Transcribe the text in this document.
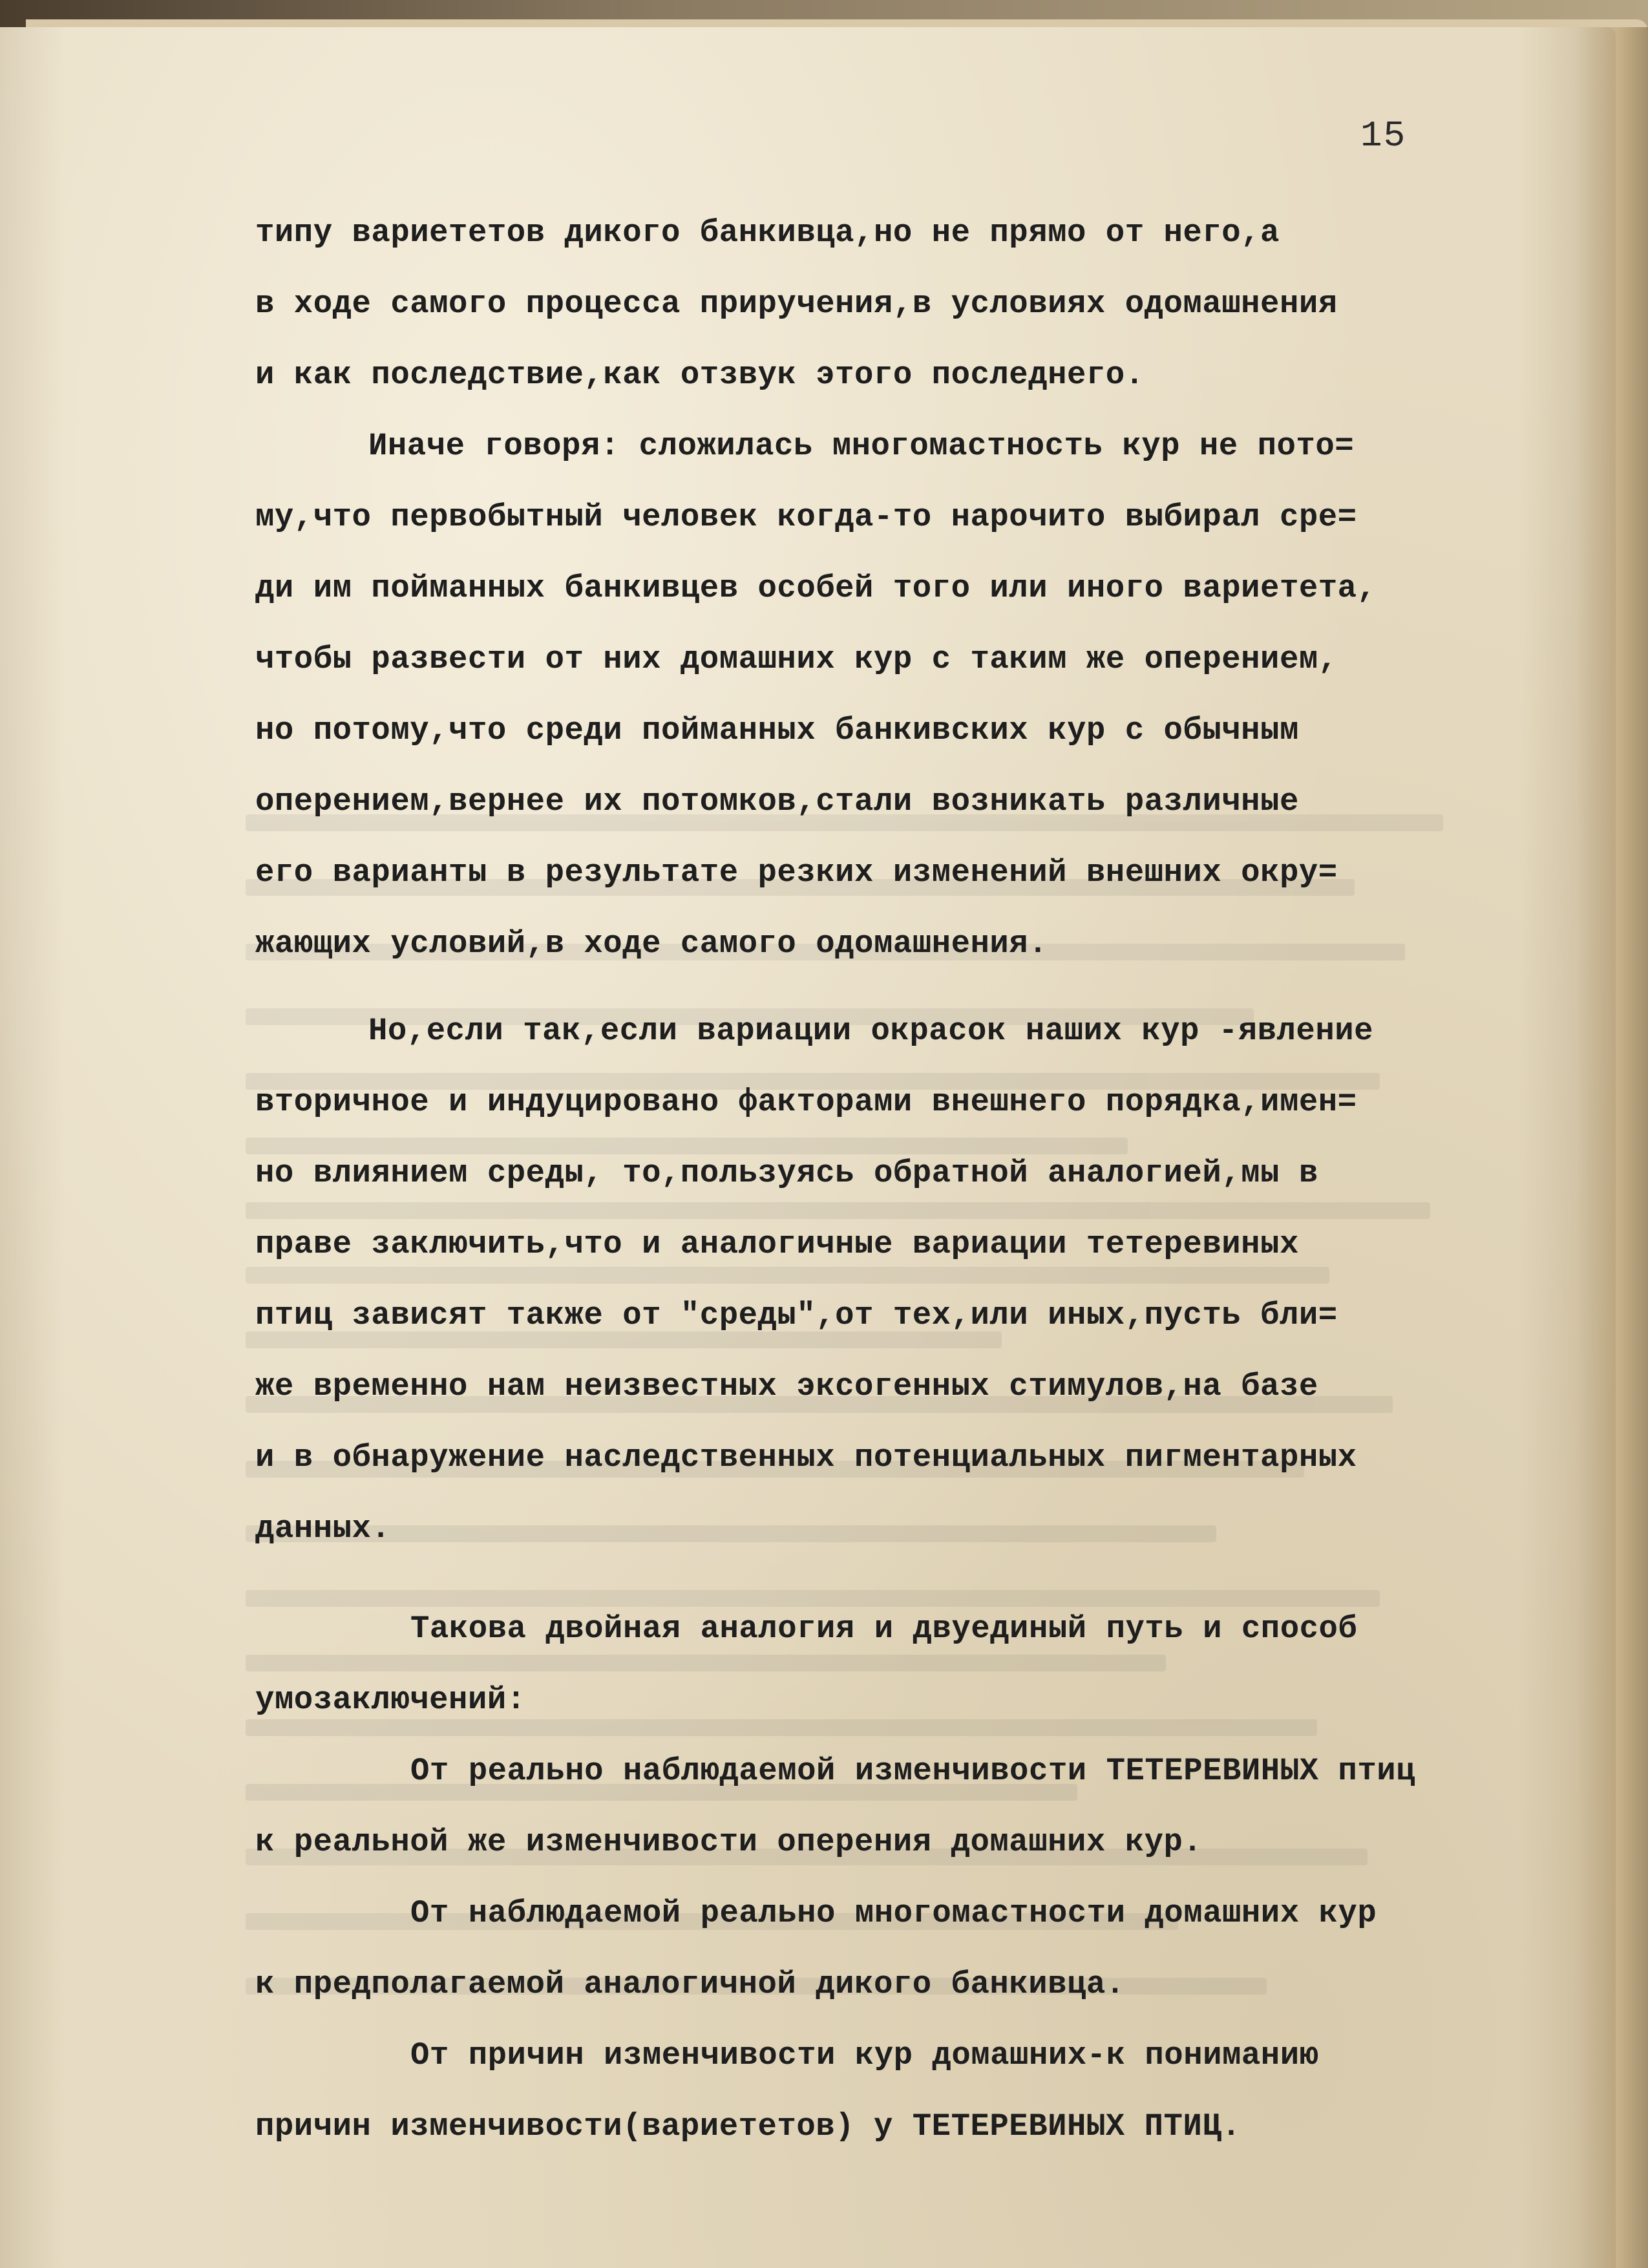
15
типу вариететов дикого банкивца,но не прямо от него,а
в ходе самого процесса приручения,в условиях одомашнения
и как последствие,как отзвук этого последнего.
Иначе говоря: сложилась многомастность кур не пото=
му,что первобытный человек когда-то нарочито выбирал сре=
ди им пойманных банкивцев особей того или иного вариетета,
чтобы развести от них домашних кур с таким же оперением,
но потому,что среди пойманных банкивских кур с обычным
оперением,вернее их потомков,стали возникать различные
его варианты в результате резких изменений внешних окру=
жающих условий,в ходе самого одомашнения.
Но,если так,если вариации окрасок наших кур -явление
вторичное и индуцировано факторами внешнего порядка,имен=
но влиянием среды, то,пользуясь обратной аналогией,мы в
праве заключить,что и аналогичные вариации тетеревиных
птиц зависят также от "среды",от тех,или иных,пусть бли=
же временно нам неизвестных эксогенных стимулов,на базе
и в обнаружение наследственных потенциальных пигментарных
данных.
Такова двойная аналогия и двуединый путь и способ
умозаключений:
От реально наблюдаемой изменчивости ТЕТЕРЕВИНЫХ птиц
к реальной же изменчивости оперения домашних кур.
От наблюдаемой реально многомастности домашних кур
к предполагаемой аналогичной дикого банкивца.
От причин изменчивости кур домашних-к пониманию
причин изменчивости(вариететов) у ТЕТЕРЕВИНЫХ ПТИЦ.
